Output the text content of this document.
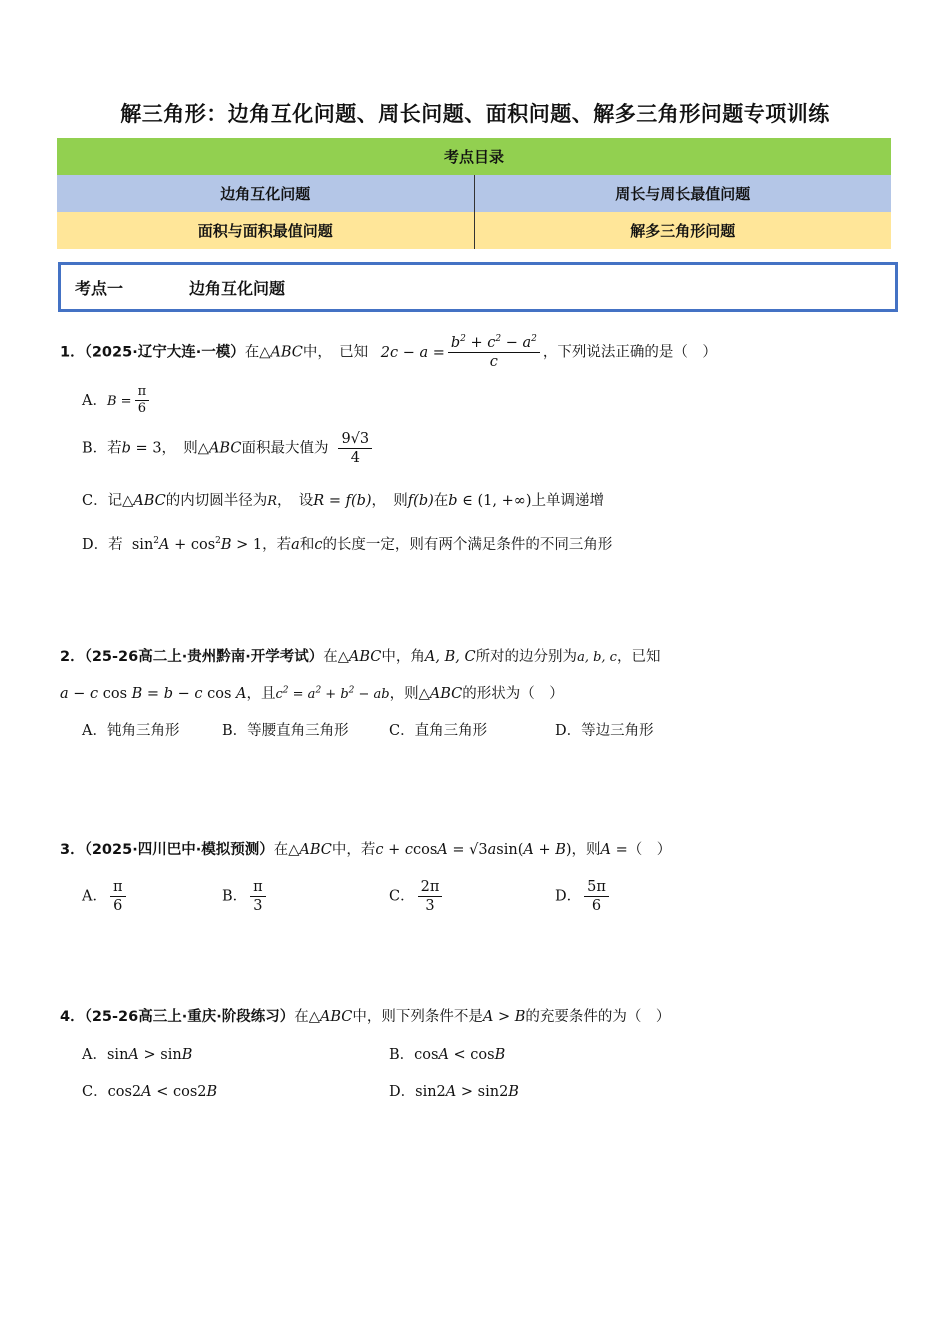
解三角形：边角互化问题、周长问题、面积问题、解多三角形问题专项训练
考点目录	
边角互化问题	周长与周长最值问题
面积与面积最值问题	解多三角形问题
考点一	边角互化问题
1．（2025·辽宁大连·一模）在△ABC中，　已知 $2c - a = \frac{b^2 + c^2 - a^2}{c}$ ，下列说法正确的是（　）
A．$B = \frac{\pi}{6}$
B．若b = 3，　则△ABC面积最大值为 $\frac{9√3}{4}$
C．记△ABC的内切圆半径为R，　设R = f(b)，　则f(b)在b ∈ (1, +∞)上单调递增
D．若  $\sin^2A + \cos^2B > 1$，若a和c的长度一定，则有两个满足条件的不同三角形
2．（25-26高二上·贵州黔南·开学考试）在△ABC中，角A, B, C所对的边分别为a, b, c，已知
a − c cos B = b − c cos A，且$c^2 = a^2 + b^2$ − ab，则△ABC的形状为（　）
A．钝角三角形	B．等腰直角三角形	C．直角三角形	D．等边三角形
3．（2025·四川巴中·模拟预测）在△ABC中，若c + ccosA = √3asin(A + B)，则A =（　）
A． $\frac{\pi}{6}$	B． $\frac{\pi}{3}$	C． $\frac{2\pi}{3}$	D． $\frac{5\pi}{6}$
4．（25-26高三上·重庆·阶段练习）在△ABC中，则下列条件不是A > B的充要条件的为（　）
A．sinA > sinB	B．cosA < cosB
C．cos2A < cos2B	D．sin2A > sin2B
